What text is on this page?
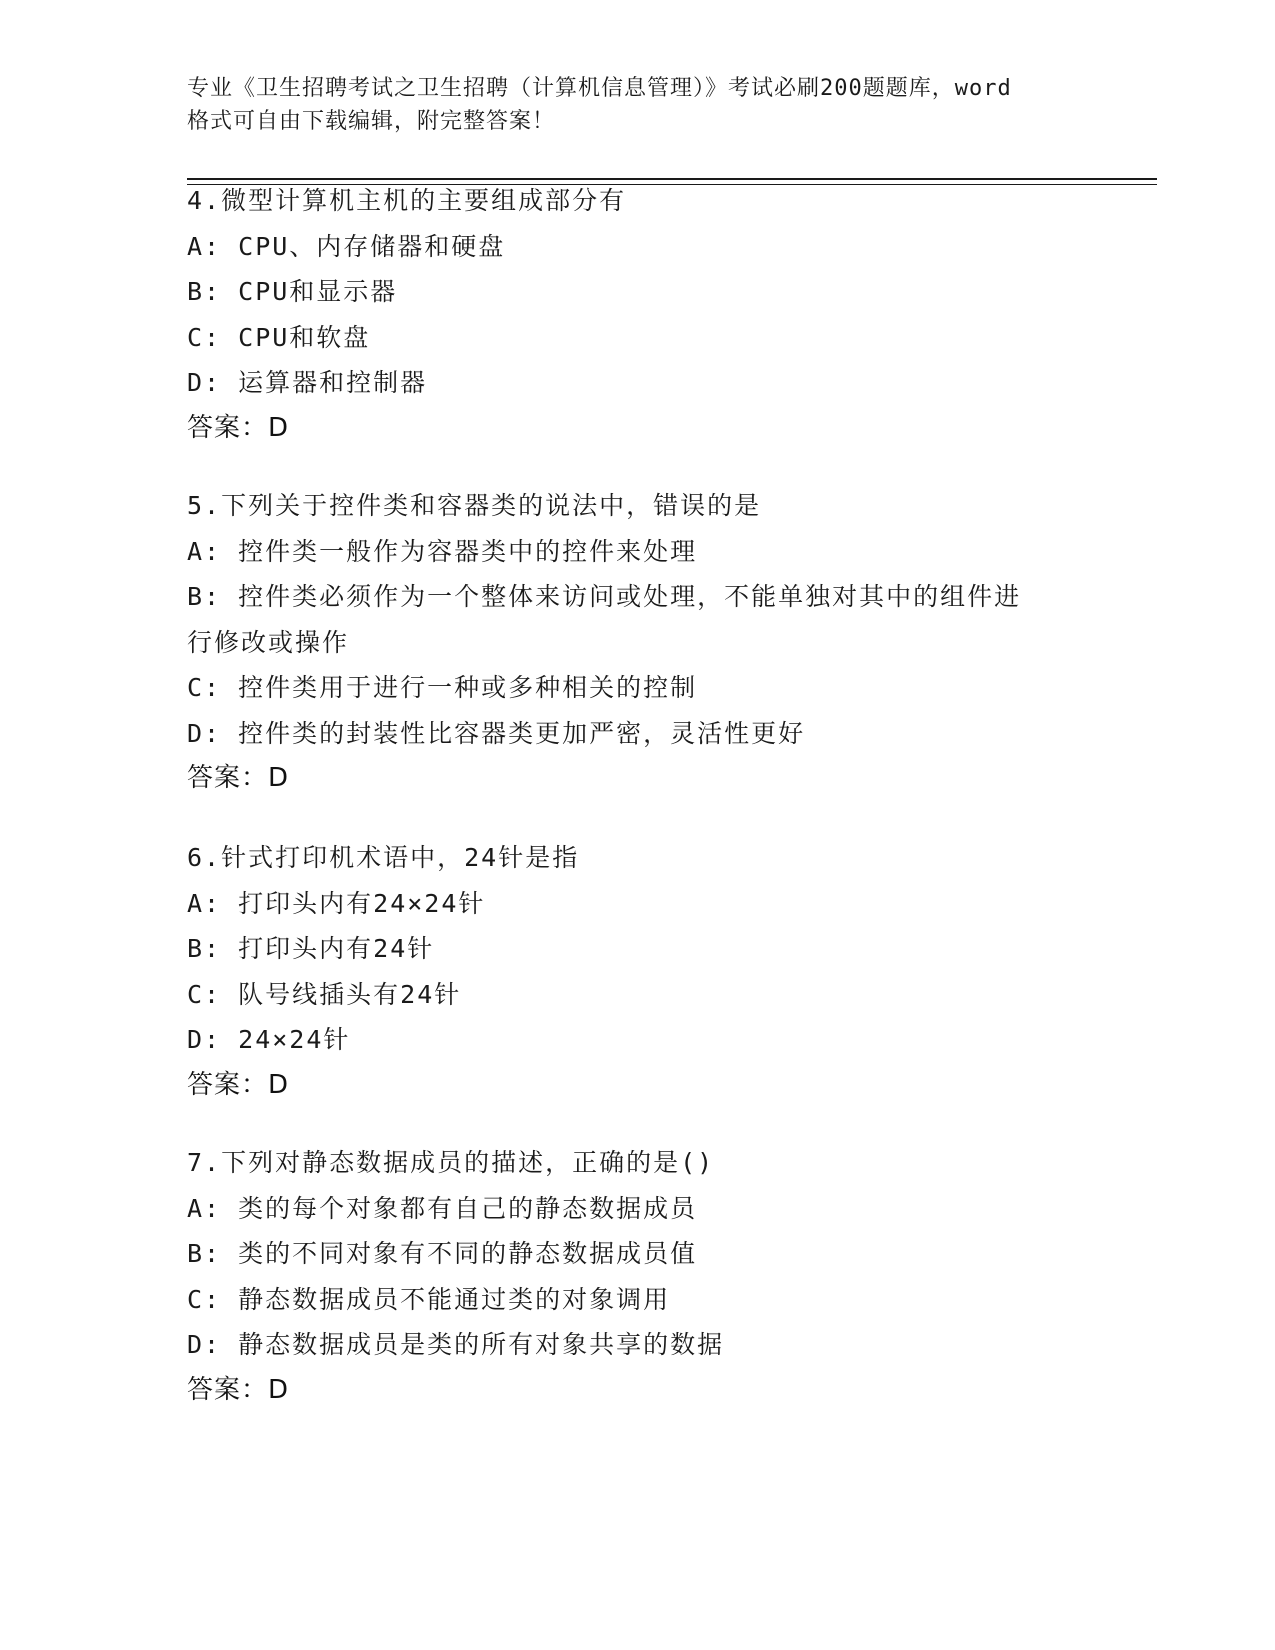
专业《卫生招聘考试之卫生招聘（计算机信息管理）》考试必刷200题题库，word
格式可自由下载编辑，附完整答案！
4.微型计算机主机的主要组成部分有
A: CPU、内存储器和硬盘
B: CPU和显示器
C: CPU和软盘
D: 运算器和控制器
答案：D
5.下列关于控件类和容器类的说法中，错误的是
A: 控件类一般作为容器类中的控件来处理
B: 控件类必须作为一个整体来访问或处理，不能单独对其中的组件进
行修改或操作
C: 控件类用于进行一种或多种相关的控制
D: 控件类的封装性比容器类更加严密，灵活性更好
答案：D
6.针式打印机术语中，24针是指
A: 打印头内有24×24针
B: 打印头内有24针
C: 队号线插头有24针
D: 24×24针
答案：D
7.下列对静态数据成员的描述，正确的是()
A: 类的每个对象都有自己的静态数据成员
B: 类的不同对象有不同的静态数据成员值
C: 静态数据成员不能通过类的对象调用
D: 静态数据成员是类的所有对象共享的数据
答案：D
